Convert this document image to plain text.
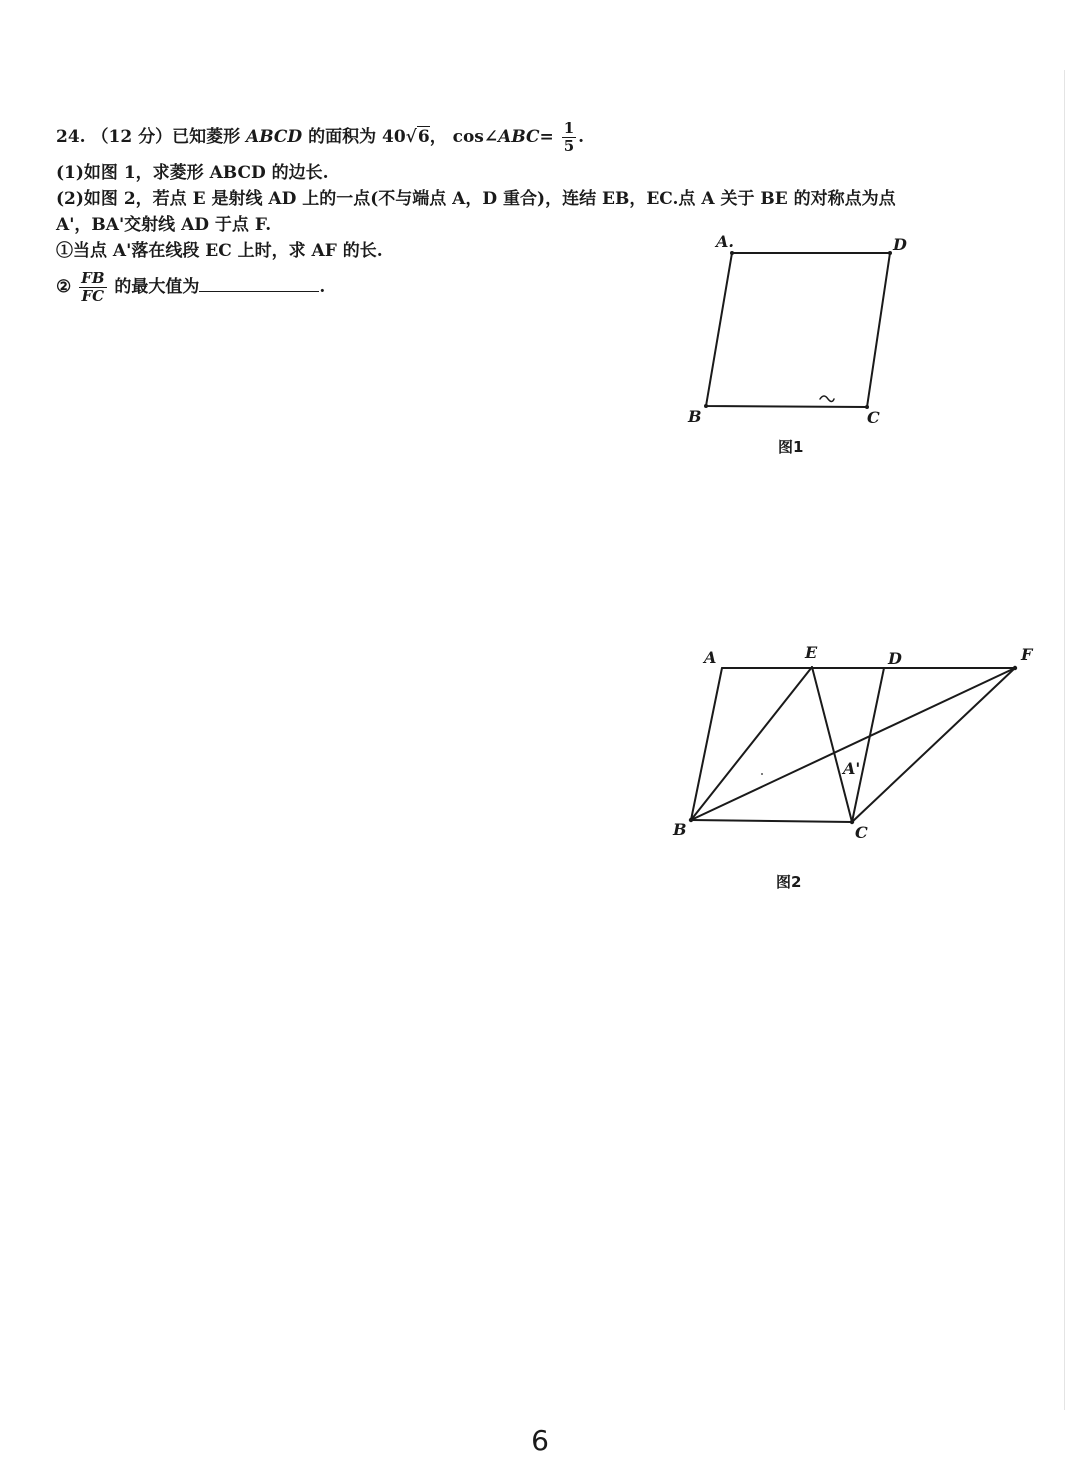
24. （12 分）已知菱形 ABCD 的面积为 40√6， cos∠ABC= $\frac{1}{5}$ .
(1)如图 1，求菱形 ABCD 的边长.
(2)如图 2，若点 E 是射线 AD 上的一点(不与端点 A，D 重合)，连结 EB，EC.点 A 关于 BE 的对称点为点
A'，BA'交射线 AD 于点 F.
①当点 A'落在线段 EC 上时，求 AF 的长.
② $\frac{FB}{FC}$ 的最大值为	.
A.	D
B	C
图1
A	E	D	F
A'
B	C
图2
6
